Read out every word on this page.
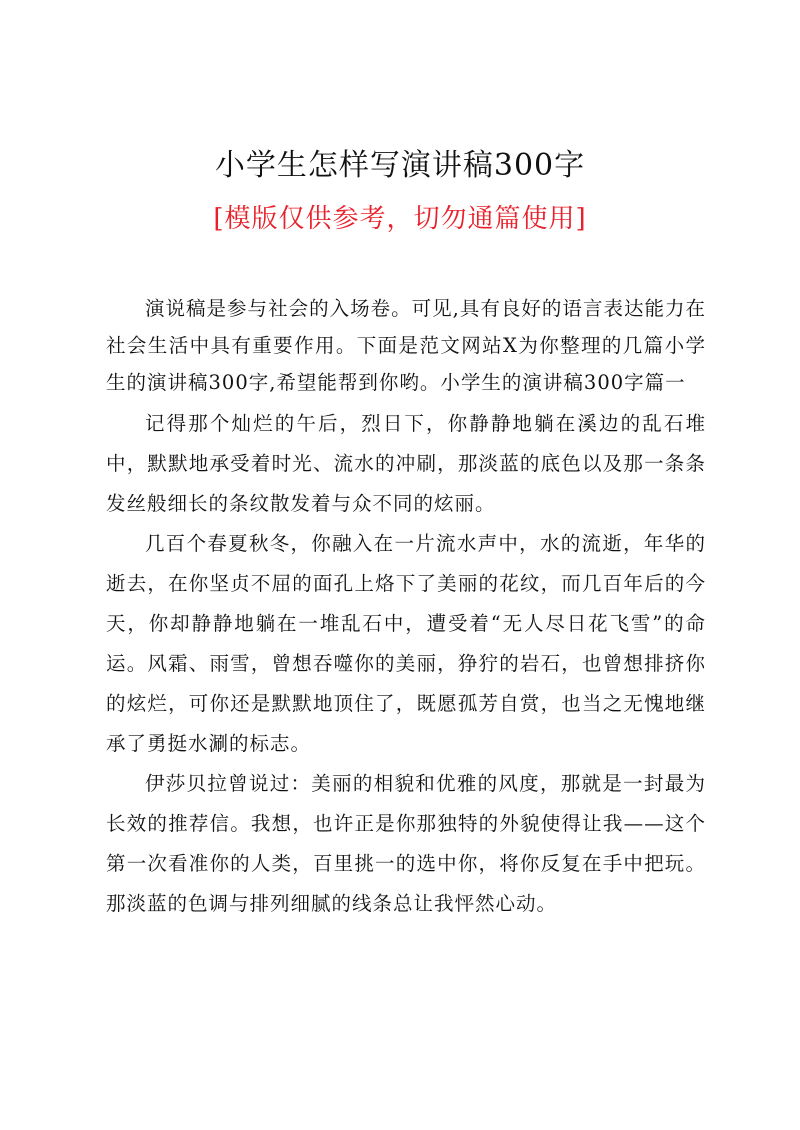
小学生怎样写演讲稿300字
[模版仅供参考，切勿通篇使用]

演说稿是参与社会的入场卷。可见,具有良好的语言表达能力在社会生活中具有重要作用。下面是范文网站X为你整理的几篇小学生的演讲稿300字,希望能帮到你哟。小学生的演讲稿300字篇一

记得那个灿烂的午后，烈日下，你静静地躺在溪边的乱石堆中，默默地承受着时光、流水的冲刷，那淡蓝的底色以及那一条条发丝般细长的条纹散发着与众不同的炫丽。

几百个春夏秋冬，你融入在一片流水声中，水的流逝，年华的逝去，在你坚贞不屈的面孔上烙下了美丽的花纹，而几百年后的今天，你却静静地躺在一堆乱石中，遭受着“无人尽日花飞雪”的命运。风霜、雨雪，曾想吞噬你的美丽，狰狞的岩石，也曾想排挤你的炫烂，可你还是默默地顶住了，既愿孤芳自赏，也当之无愧地继承了勇挺水涮的标志。

伊莎贝拉曾说过：美丽的相貌和优雅的风度，那就是一封最为长效的推荐信。我想，也许正是你那独特的外貌使得让我——这个第一次看准你的人类，百里挑一的选中你，将你反复在手中把玩。那淡蓝的色调与排列细腻的线条总让我怦然心动。
